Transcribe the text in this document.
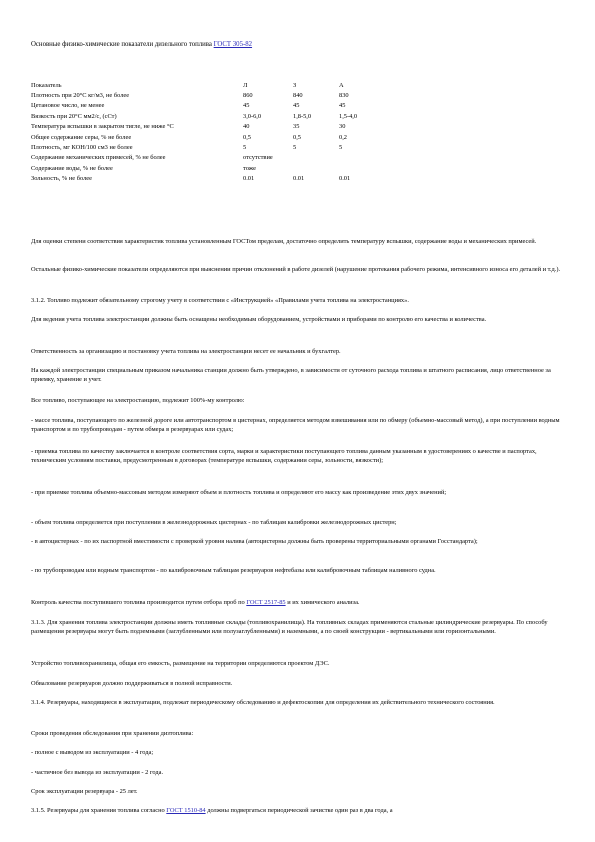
Основные физико-химические показатели дизельного топлива ГОСТ 305-82
Показатель	Л	З	А
Плотность при 20°С кг/м3, не более	860	840	830
Цетановое число, не менее	45	45	45
Вязкость при 20°С мм2/с, (сСт)	3,0-6,0	1,8-5,0	1,5-4,0
Температура вспышки в закрытом тигле, не ниже °С	40	35	30
Общее содержание серы, % не более	0,5	0,5	0,2
Плотность, мг КОН/100 см3 не более	5	5	5
Содержание механических примесей, % не более	отсутствие		
Содержание воды, % не более	тоже		
Зольность, % не более	0.01	0.01	0.01

Для оценки степени соответствия характеристик топлива установленным ГОСТом пределам, достаточно определить температуру вспышки, содержание воды и механических примесей.

Остальные физико-химические показатели определяются при выяснении причин отклонений в работе дизелей (нарушение протекания рабочего режима, интенсивного износа его деталей и т.д.).

3.1.2. Топливо подлежит обязательному строгому учету в соответствии с «Инструкцией» «Правилами учета топлива на электростанциях».

Для ведения учета топлива электростанции должны быть оснащены необходимым оборудованием, устройствами и приборами по контролю его качества и количества.

Ответственность за организацию и постановку учета топлива на электростанции несет ее начальник и бухгалтер.

На каждой электростанции специальным приказом начальника станции должно быть утверждено, в зависимости от суточного расхода топлива и штатного расписания, лицо ответственное за приемку, хранение и учет.

Все топливо, поступающее на электростанцию, подлежит 100%-му контролю:

- массе топлива, поступающего по железной дороге или автотранспортом в цистернах, определяется методом взвешивания или по обмеру (объемно-массовый метод), а при поступлении водным транспортом и по трубопроводам - путем обмера в резервуарах или судах;

- приемка топлива по качеству заключается в контроле соответствия сорта, марки и характеристики поступающего топлива данным указанным в удостоверениях о качестве и паспортах, техническим условиям поставки, предусмотренным в договорах (температуре вспышки, содержании серы, зольности, вязкости);

- при приемке топлива объемно-массовым методом измеряют объем и плотность топлива и определяют его массу как произведение этих двух значений;

- объем топлива определяется при поступлении в железнодорожных цистернах - по таблицам калибровки железнодорожных цистерн;

- в автоцистернах - по их паспортной вместимости с проверкой уровня налива (автоцистерны должны быть проверены территориальными органами Госстандарта);

- по трубопроводам или водным транспортом - по калибровочным таблицам резервуаров нефтебазы или калибровочным таблицам наливного судна.

Контроль качества поступившего топлива производится путем отбора проб по ГОСТ 2517-85 и их химического анализа.

3.1.3. Для хранения топлива электростанции должны иметь топливные склады (топливохранилища). На топливных складах применяются стальные цилиндрические резервуары. По способу размещения резервуары могут быть подземными (заглубленными или полузаглубленными) и наземными, а по своей конструкции - вертикальными или горизонтальными.

Устройство топливохранилища, общая его емкость, размещение на территории определяются проектом ДЭС.

Обвалование резервуаров должно поддерживаться в полной исправности.

3.1.4. Резервуары, находящиеся в эксплуатации, подлежат периодическому обследованию и дефектоскопии для определения их действительного технического состояния.

Сроки проведения обследования при хранении дизтоплива:

- полное с выводом из эксплуатации - 4 года;

- частичное без вывода из эксплуатации - 2 года.

Срок эксплуатации резервуара - 25 лет.

3.1.5. Резервуары для хранения топлива согласно ГОСТ 1510-84 должны подвергаться периодической зачистке один раз в два года, а
